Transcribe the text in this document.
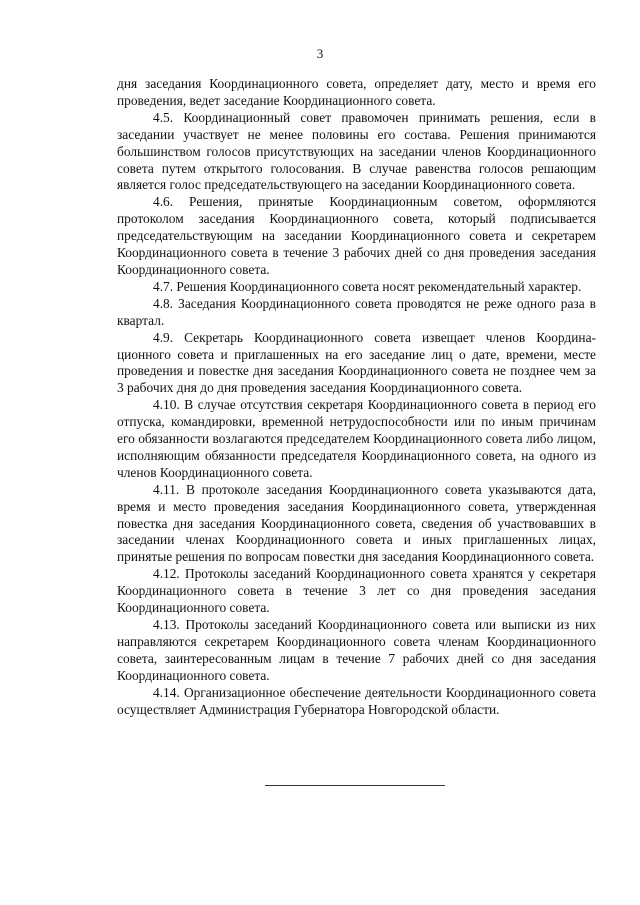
3

дня заседания Координационного совета, определяет дату, место и время его проведения, ведет заседание Координационного совета.

4.5. Координационный совет правомочен принимать решения, если в заседании участвует не менее половины его состава. Решения принимаются большинством голосов присутствующих на заседании членов Координационного совета путем открытого голосования. В случае равенства голосов решающим является голос председательствующего на заседании Координационного совета.

4.6. Решения, принятые Координационным советом, оформляются протоколом заседания Координационного совета, который подписывается председательствующим на заседании Координационного совета и секретарем Координационного совета в течение 3 рабочих дней со дня проведения заседания Координационного совета.

4.7. Решения Координационного совета носят рекомендательный характер.

4.8. Заседания Координационного совета проводятся не реже одного раза в квартал.

4.9. Секретарь Координационного совета извещает членов Координационного совета и приглашенных на его заседание лиц о дате, времени, месте проведения и повестке дня заседания Координационного совета не позднее чем за 3 рабочих дня до дня проведения заседания Координационного совета.

4.10. В случае отсутствия секретаря Координационного совета в период его отпуска, командировки, временной нетрудоспособности или по иным причинам его обязанности возлагаются председателем Координационного совета либо лицом, исполняющим обязанности председателя Координационного совета, на одного из членов Координационного совета.

4.11. В протоколе заседания Координационного совета указываются дата, время и место проведения заседания Координационного совета, утвержденная повестка дня заседания Координационного совета, сведения об участвовавших в заседании членах Координационного совета и иных приглашенных лицах, принятые решения по вопросам повестки дня заседания Координационного совета.

4.12. Протоколы заседаний Координационного совета хранятся у секретаря Координационного совета в течение 3 лет со дня проведения заседания Координационного совета.

4.13. Протоколы заседаний Координационного совета или выписки из них направляются секретарем Координационного совета членам Координационного совета, заинтересованным лицам в течение 7 рабочих дней со дня заседания Координационного совета.

4.14. Организационное обеспечение деятельности Координационного совета осуществляет Администрация Губернатора Новгородской области.
